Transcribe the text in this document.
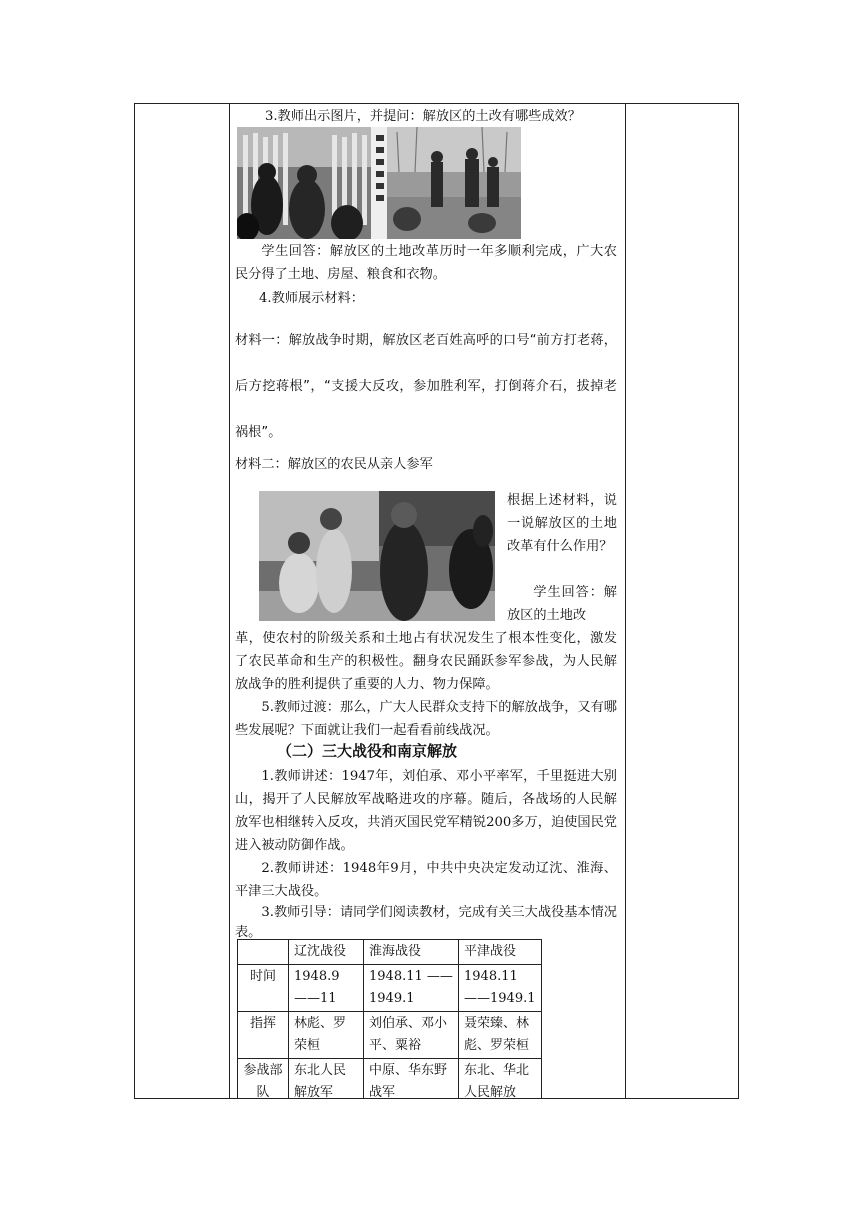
3.教师出示图片，并提问：解放区的土改有哪些成效？
学生回答：解放区的土地改革历时一年多顺利完成，广大农民分得了土地、房屋、粮食和衣物。
4.教师展示材料：
材料一：解放战争时期，解放区老百姓高呼的口号“前方打老蒋，后方挖蒋根”，“支援大反攻，参加胜利军，打倒蒋介石，拔掉老祸根”。
材料二：解放区的农民从亲人参军
根据上述材料，说一说解放区的土地改革有什么作用？
学生回答：解放区的土地改
革，使农村的阶级关系和土地占有状况发生了根本性变化，激发了农民革命和生产的积极性。翻身农民踊跃参军参战，为人民解放战争的胜利提供了重要的人力、物力保障。
5.教师过渡：那么，广大人民群众支持下的解放战争，又有哪些发展呢？下面就让我们一起看看前线战况。
（二）三大战役和南京解放
1.教师讲述：1947年，刘伯承、邓小平率军，千里挺进大别山，揭开了人民解放军战略进攻的序幕。随后，各战场的人民解放军也相继转入反攻，共消灭国民党军精锐200多万，迫使国民党进入被动防御作战。
2.教师讲述：1948年9月，中共中央决定发动辽沈、淮海、平津三大战役。
3.教师引导：请同学们阅读教材，完成有关三大战役基本情况表。
	辽沈战役	淮海战役	平津战役
时间	1948.9——11	1948.11 ——1949.1	1948.11——1949.1
指挥	林彪、罗荣桓	刘伯承、邓小平、粟裕	聂荣臻、林彪、罗荣桓
参战部队	东北人民解放军	中原、华东野战军	东北、华北人民解放
